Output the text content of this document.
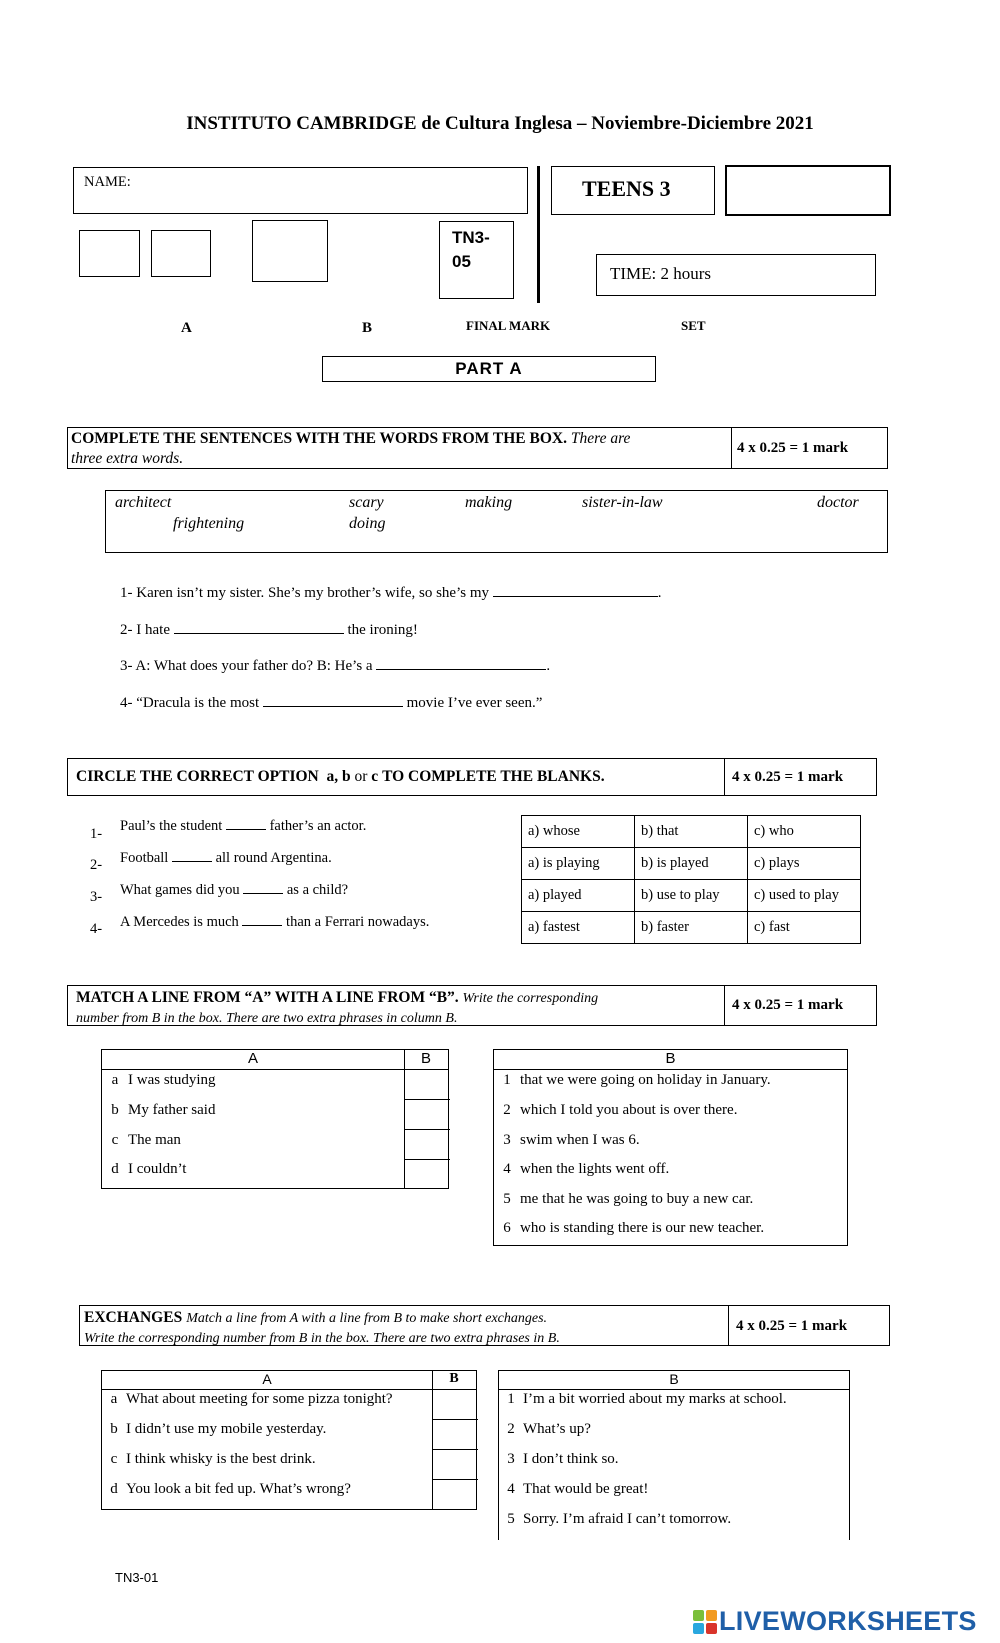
INSTITUTO CAMBRIDGE de Cultura Inglesa – Noviembre-Diciembre 2021
NAME:	TEENS 3
TN3-
05
TIME: 2 hours
A	B	FINAL MARK	SET
PART A
COMPLETE THE SENTENCES WITH THE WORDS FROM THE BOX. There are
three extra words.
4 x 0.25 = 1 mark
architect	scary	making	sister-in-law	doctor
frightening	doing
1- Karen isn’t my sister. She’s my brother’s wife, so she’s my	.
2- I hate	the ironing!
3- A: What does your father do? B: He’s a	.
4- “Dracula is the most	movie I’ve ever seen.”
CIRCLE THE CORRECT OPTION a, b or c TO COMPLETE THE BLANKS.	4 x 0.25 = 1 mark
1- Paul’s the student	father’s an actor.
2- Football	all round Argentina.
3- What games did you	as a child?
4- A Mercedes is much	than a Ferrari nowadays.
a) whose	b) that	c) who
a) is playing	b) is played	c) plays
a) played	b) use to play	c) used to play
a) fastest	b) faster	c) fast
MATCH A LINE FROM “A” WITH A LINE FROM “B”. Write the corresponding
number from B in the box. There are two extra phrases in column B.
4 x 0.25 = 1 mark
A	B
a I was studying
b My father said
c The man
d I couldn’t
B
1 that we were going on holiday in January.
2 which I told you about is over there.
3 swim when I was 6.
4 when the lights went off.
5 me that he was going to buy a new car.
6 who is standing there is our new teacher.
EXCHANGES Match a line from A with a line from B to make short exchanges.
Write the corresponding number from B in the box. There are two extra phrases in B.
4 x 0.25 = 1 mark
A	B
a What about meeting for some pizza tonight?
b I didn’t use my mobile yesterday.
c I think whisky is the best drink.
d You look a bit fed up. What’s wrong?
B
1 I’m a bit worried about my marks at school.
2 What’s up?
3 I don’t think so.
4 That would be great!
5 Sorry. I’m afraid I can’t tomorrow.
TN3-01
LIVEWORKSHEETS
